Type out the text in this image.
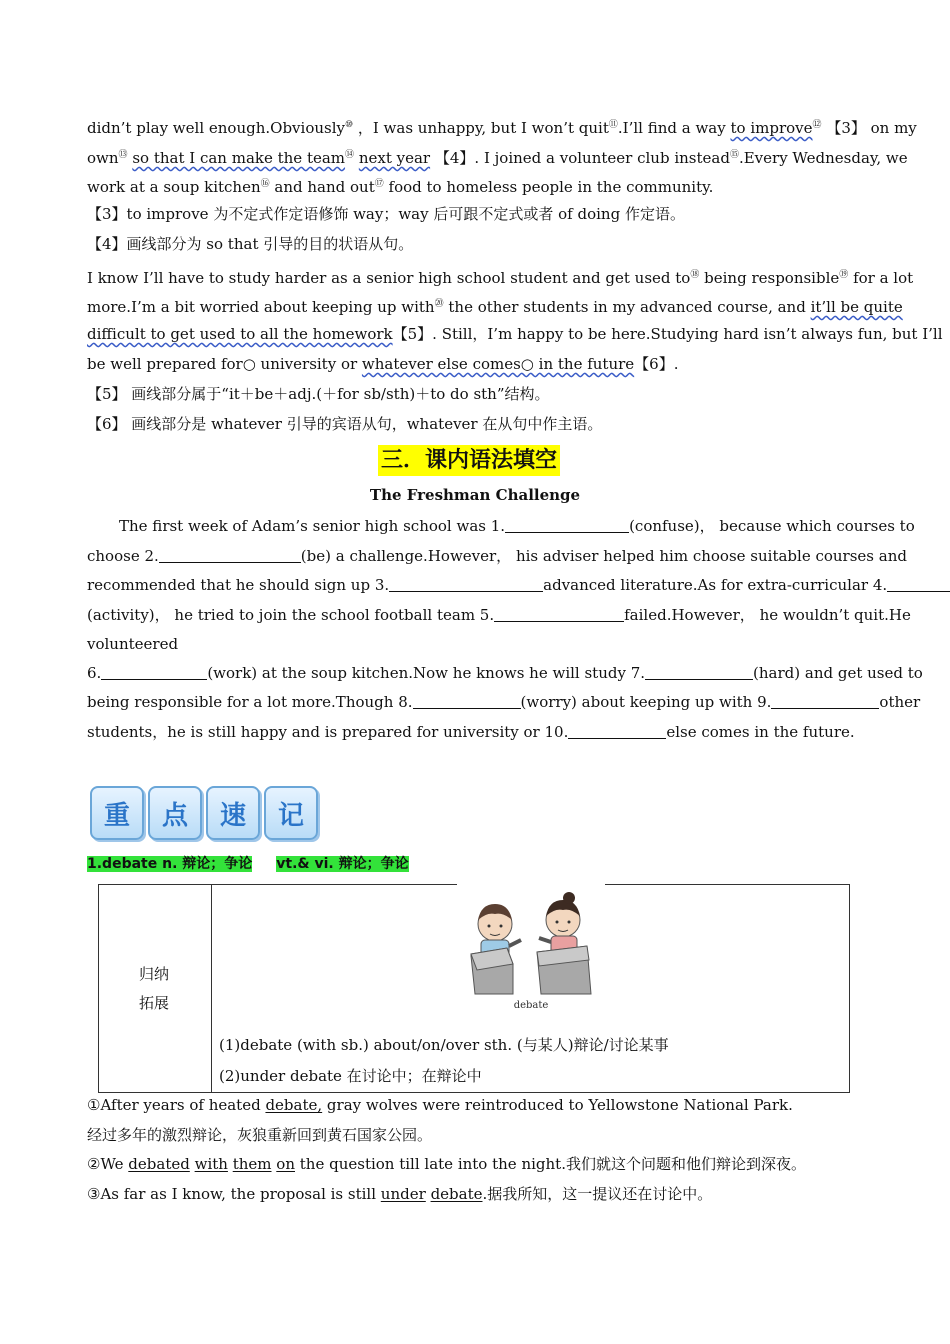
didn’t play well enough.Obviously⑩ ，I was unhappy, but I won’t quit⑪.I’ll find a way to improve⑫ 【3】 on my
own⑬ so that I can make the team⑭ next year 【4】. I joined a volunteer club instead⑮.Every Wednesday, we
work at a soup kitchen⑯ and hand out⑰ food to homeless people in the community.
【3】to improve 为不定式作定语修饰 way；way 后可跟不定式或者 of doing 作定语。
【4】画线部分为 so that 引导的目的状语从句。
I know I’ll have to study harder as a senior high school student and get used to⑱ being responsible⑲ for a lot
more.I’m a bit worried about keeping up with⑳ the other students in my advanced course, and it’ll be quite
difficult to get used to all the homework【5】. Still，I’m happy to be here.Studying hard isn’t always fun, but I’ll
be well prepared for○ university or whatever else comes○ in the future【6】.
【5】 画线部分属于“it＋be＋adj.(＋for sb/sth)＋to do sth”结构。
【6】 画线部分是 whatever 引导的宾语从句，whatever 在从句中作主语。
三．课内语法填空
The Freshman Challenge
The first week of Adam’s senior high school was 1.	(confuse)， because which courses to
choose 2.	(be) a challenge.However， his adviser helped him choose suitable courses and
recommended that he should sign up 3.	advanced literature.As for extra-curricular 4.
(activity)， he tried to join the school football team 5.	failed.However， he wouldn’t quit.He
volunteered
6.	(work) at the soup kitchen.Now he knows he will study 7.	(hard) and get used to
being responsible for a lot more.Though 8.	(worry) about keeping up with 9.	other
students，he is still happy and is prepared for university or 10.	else comes in the future.
重	点	速	记
1.debate n. 辩论；争论 vt.& vi. 辩论；争论
归纳
拓展	debate
(1)debate (with sb.) about/on/over sth. (与某人)辩论/讨论某事
(2)under debate 在讨论中；在辩论中
①After years of heated debate, gray wolves were reintroduced to Yellowstone National Park.
经过多年的激烈辩论，灰狼重新回到黄石国家公园。
②We debated with them on the question till late into the night.我们就这个问题和他们辩论到深夜。
③As far as I know, the proposal is still under debate.据我所知，这一提议还在讨论中。
